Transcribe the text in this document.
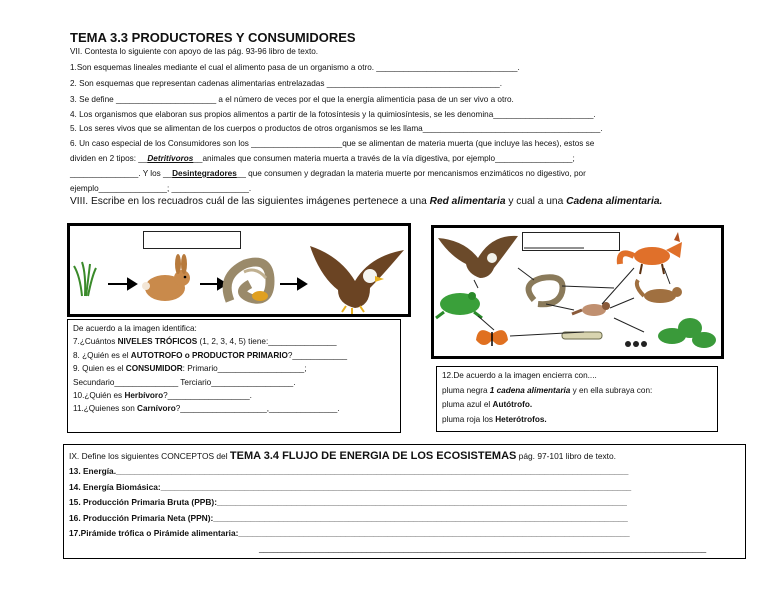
TEMA 3.3 PRODUCTORES Y CONSUMIDORES
VII. Contesta lo siguiente con apoyo de las pág. 93-96 libro de texto.
1.Son esquemas lineales mediante el cual el alimento pasa de un organismo a otro. _______________________________.
2. Son esquemas que representan cadenas alimentarias entrelazadas ______________________________________.
3. Se define ______________________ a el número de veces por el que la energía alimenticia pasa de un ser vivo a otro.
4. Los organismos que elaboran sus propios alimentos a partir de la fotosíntesis y la quimiosíntesis, se les denomina______________________.
5. Los seres vivos que se alimentan de los cuerpos o productos de otros organismos se les llama_______________________________________.
6. Un caso especial de los Consumidores son los ____________________que se alimentan de materia muerta (que incluye las heces), estos se
dividen en 2 tipos: __Detritívoros__animales que consumen materia muerta a través de la vía digestiva, por ejemplo_________________;
_______________. Y los __Desintegradores__ que consumen y degradan la materia muerte por mencanismos enzimáticos no digestivo, por
ejemplo_______________; _________________.
VIII. Escribe en los recuadros cuál de las siguientes imágenes pertenece a una Red alimentaria y cual a una Cadena alimentaria.
De acuerdo a la imagen identifica:
7.¿Cuántos NIVELES TRÓFICOS (1, 2, 3, 4, 5) tiene:_______________
8. ¿Quién es el AUTOTROFO o PRODUCTOR PRIMARIO?____________
9. Quien es el CONSUMIDOR: Primario___________________;
Secundario______________ Terciario__________________.
10.¿Quién es Herbívoro?__________________.
11.¿Quienes son Carnívoro?___________________,_______________.
12.De acuerdo a la imagen encierra con....
pluma negra 1 cadena alimentaria y en ella subraya con:
pluma azul el Autótrofo.
pluma roja los Heterótrofos.
IX. Define los siguientes CONCEPTOS del TEMA 3.4 FLUJO DE ENERGIA DE LOS ECOSISTEMAS pág. 97-101 libro de texto.
13. Energía.______________________________________________________________________________________________________________
14. Energía Biomásica:_____________________________________________________________________________________________________
15. Producción Primaria Bruta (PPB):________________________________________________________________________________________
16. Producción Primaria Neta (PPN):_________________________________________________________________________________________
17.Pirámide trófica o Pirámide alimentaria:____________________________________________________________________________________
________________________________________________________________________________________________
